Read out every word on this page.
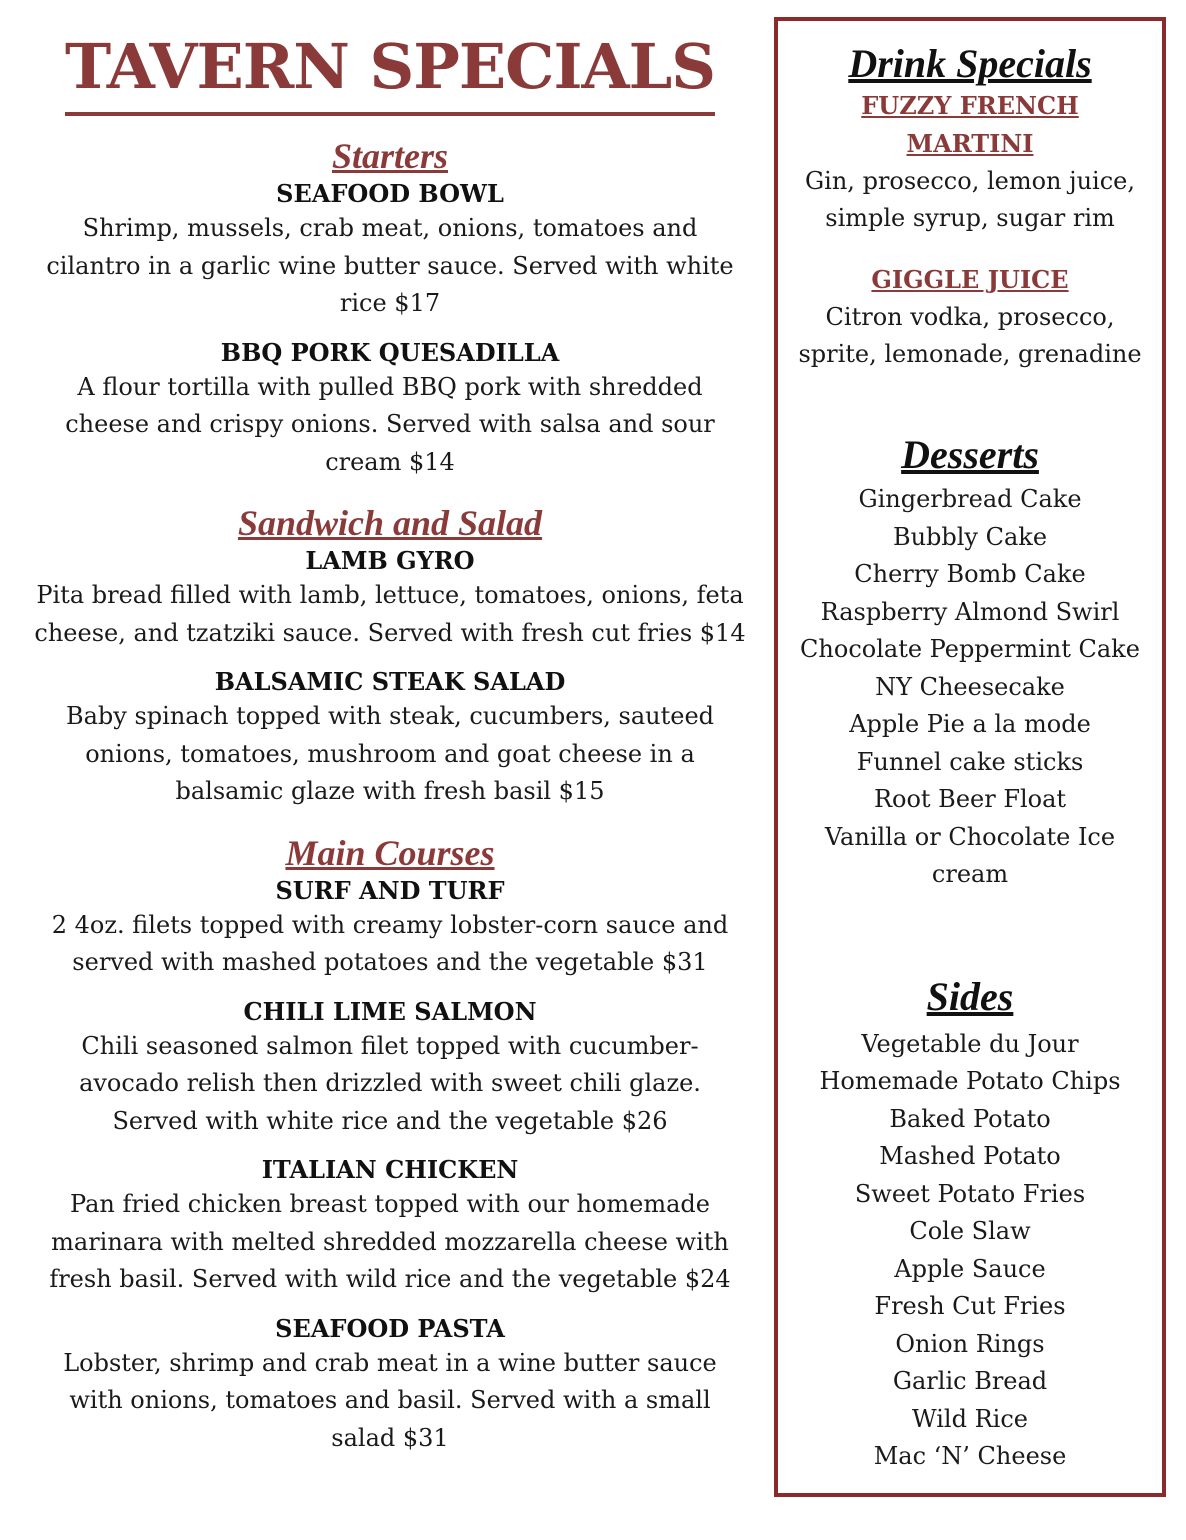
TAVERN SPECIALS
Starters

SEAFOOD BOWL

Shrimp, mussels, crab meat, onions, tomatoes and cilantro in a garlic wine butter sauce. Served with white rice $17

BBQ PORK QUESADILLA

A flour tortilla with pulled BBQ pork with shredded cheese and crispy onions. Served with salsa and sour cream $14

Sandwich and Salad

LAMB GYRO

Pita bread filled with lamb, lettuce, tomatoes, onions, feta cheese, and tzatziki sauce. Served with fresh cut fries $14

BALSAMIC STEAK SALAD

Baby spinach topped with steak, cucumbers, sauteed onions, tomatoes, mushroom and goat cheese in a balsamic glaze with fresh basil $15

Main Courses

SURF AND TURF

2 4oz. filets topped with creamy lobster-corn sauce and served with mashed potatoes and the vegetable $31

CHILI LIME SALMON

Chili seasoned salmon filet topped with cucumber-avocado relish then drizzled with sweet chili glaze. Served with white rice and the vegetable $26

ITALIAN CHICKEN

Pan fried chicken breast topped with our homemade marinara with melted shredded mozzarella cheese with fresh basil. Served with wild rice and the vegetable $24

SEAFOOD PASTA

Lobster, shrimp and crab meat in a wine butter sauce with onions, tomatoes and basil. Served with a small salad $31

Drink Specials

FUZZY FRENCH

MARTINI

Gin, prosecco, lemon juice,

simple syrup, sugar rim

GIGGLE JUICE

Citron vodka, prosecco,

sprite, lemonade, grenadine

Desserts

Gingerbread Cake

Bubbly Cake

Cherry Bomb Cake

Raspberry Almond Swirl

Chocolate Peppermint Cake

NY Cheesecake

Apple Pie a la mode

Funnel cake sticks

Root Beer Float

Vanilla or Chocolate Ice

cream

Sides

Vegetable du Jour

Homemade Potato Chips

Baked Potato

Mashed Potato

Sweet Potato Fries

Cole Slaw

Apple Sauce

Fresh Cut Fries

Onion Rings

Garlic Bread

Wild Rice

Mac ‘N’ Cheese
